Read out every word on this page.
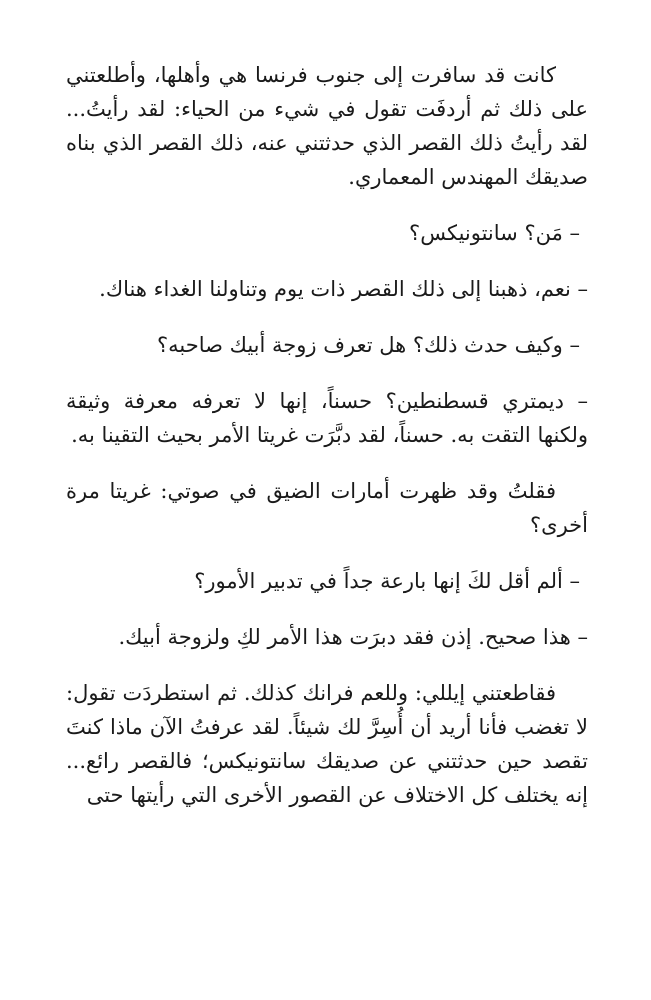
كانت قد سافرت إلى جنوب فرنسا هي وأهلها، وأطلعتني على ذلك ثم أردفَت تقول في شيء من الحياء: لقد رأيتُ... لقد رأيتُ ذلك القصر الذي حدثتني عنه، ذلك القصر الذي بناه صديقك المهندس المعماري.

– مَن؟ سانتونيكس؟

– نعم، ذهبنا إلى ذلك القصر ذات يوم وتناولنا الغداء هناك.

– وكيف حدث ذلك؟ هل تعرف زوجة أبيك صاحبه؟

– ديمتري قسطنطين؟ حسناً، إنها لا تعرفه معرفة وثيقة ولكنها التقت به. حسناً، لقد دبَّرَت غريتا الأمر بحيث التقينا به.

فقلتُ وقد ظهرت أمارات الضيق في صوتي: غريتا مرة أخرى؟

– ألم أقل لكَ إنها بارعة جداً في تدبير الأمور؟

– هذا صحيح. إذن فقد دبرَت هذا الأمر لكِ ولزوجة أبيك.

فقاطعتني إيللي: وللعم فرانك كذلك. ثم استطردَت تقول: لا تغضب فأنا أريد أن أُسِرَّ لك شيئاً. لقد عرفتُ الآن ماذا كنتَ تقصد حين حدثتني عن صديقك سانتونيكس؛ فالقصر رائع... إنه يختلف كل الاختلاف عن القصور الأخرى التي رأيتها حتى
